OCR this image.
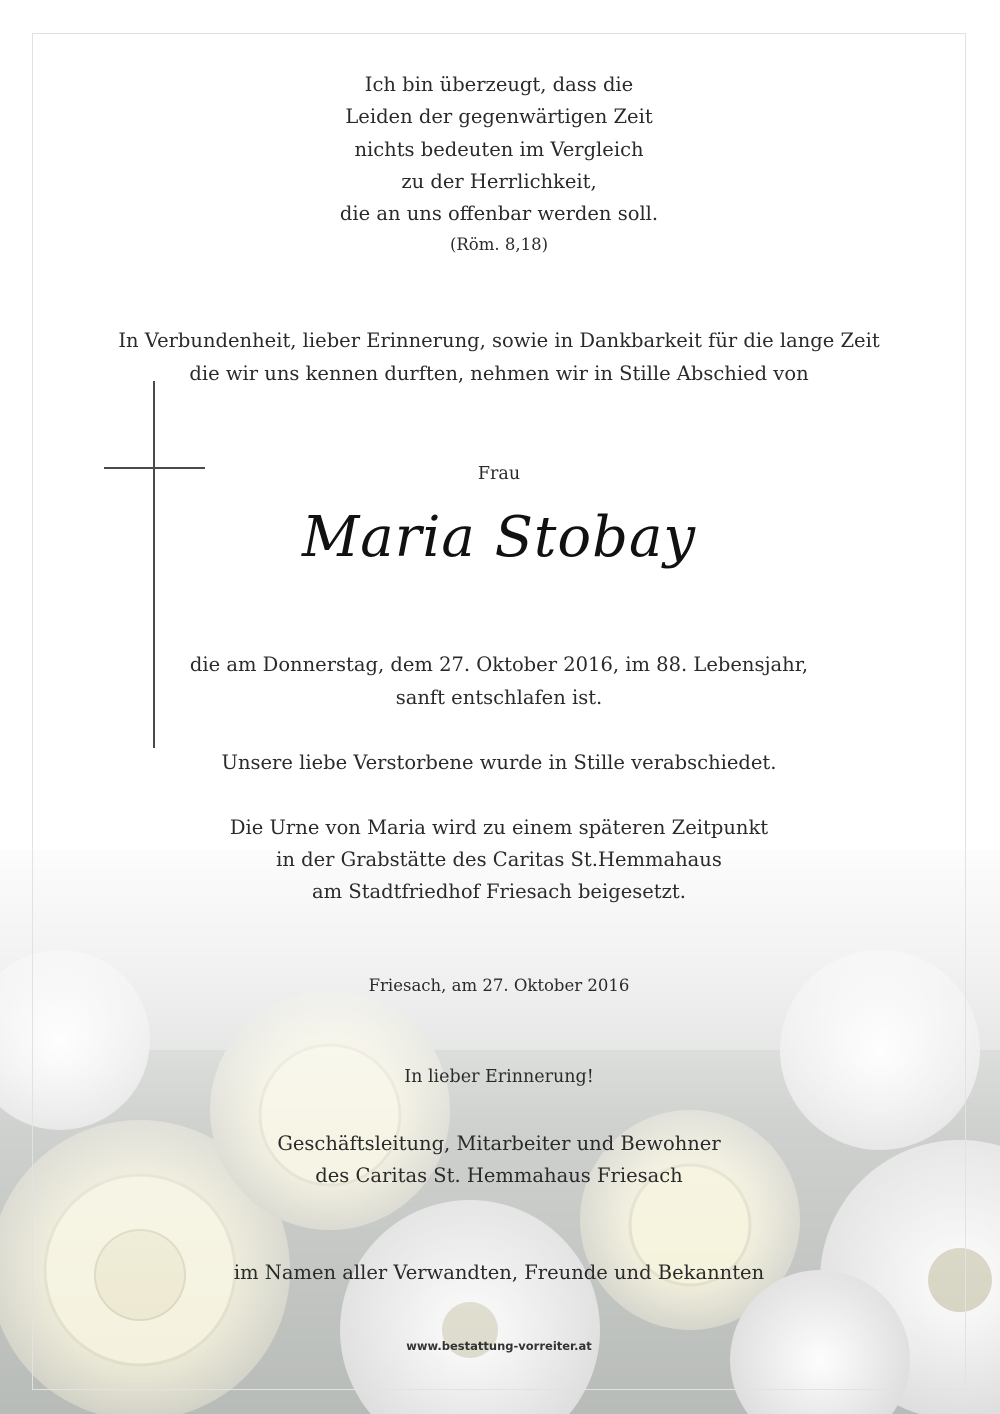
Ich bin überzeugt, dass die
Leiden der gegenwärtigen Zeit
nichts bedeuten im Vergleich
zu der Herrlichkeit,
die an uns offenbar werden soll.
(Röm. 8,18)
In Verbundenheit, lieber Erinnerung, sowie in Dankbarkeit für die lange Zeit
die wir uns kennen durften, nehmen wir in Stille Abschied von
Frau
Maria Stobay
die am Donnerstag, dem 27. Oktober 2016, im 88. Lebensjahr,
sanft entschlafen ist.
Unsere liebe Verstorbene wurde in Stille verabschiedet.
Die Urne von Maria wird zu einem späteren Zeitpunkt
in der Grabstätte des Caritas St.Hemmahaus
am Stadtfriedhof Friesach beigesetzt.
Friesach, am 27. Oktober 2016
In lieber Erinnerung!
Geschäftsleitung, Mitarbeiter und Bewohner
des Caritas St. Hemmahaus Friesach
im Namen aller Verwandten, Freunde und Bekannten
www.bestattung-vorreiter.at
